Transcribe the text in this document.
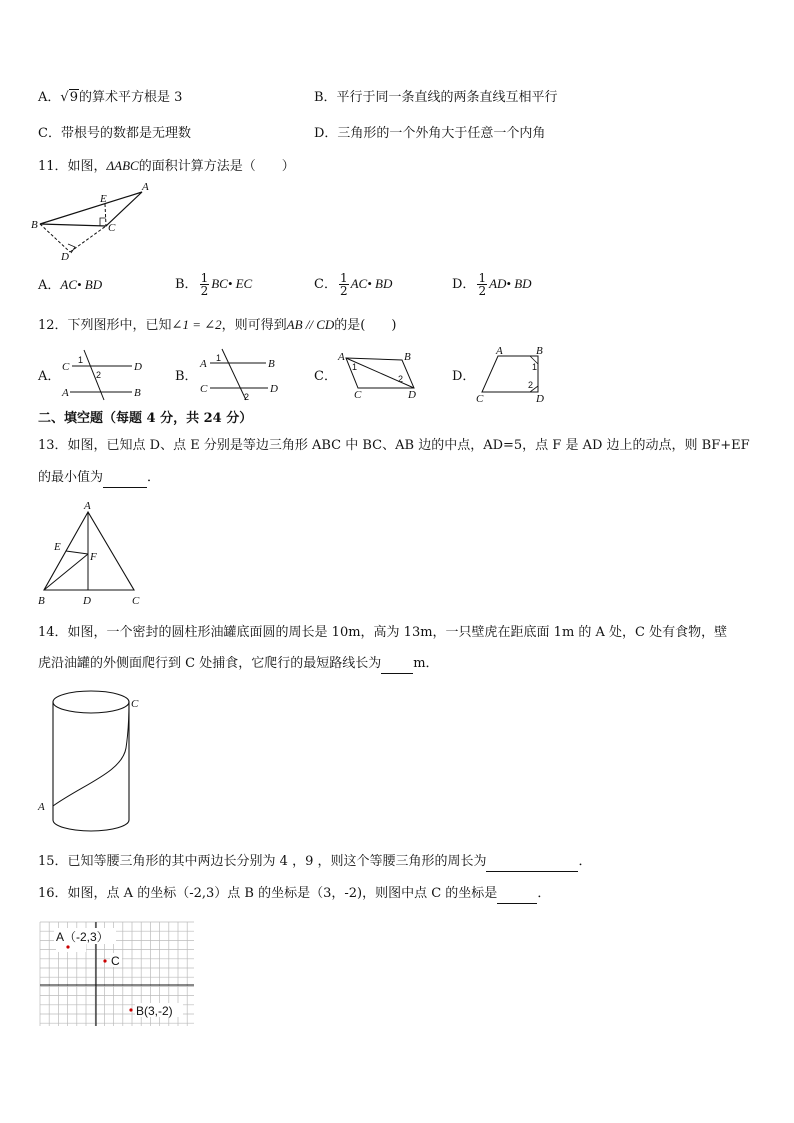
A．√9的算术平方根是 3	B．平行于同一条直线的两条直线互相平行
C．带根号的数都是无理数	D．三角形的一个外角大于任意一个内角
11．如图，ΔABC的面积计算方法是（　　）
A
B	C
D
E
A．AC• BD	B． $\frac{1}{2}$ BC• EC	C． $\frac{1}{2}$ AC• BD	D． $\frac{1}{2}$ AD• BD
12．下列图形中，已知∠1 = ∠2，则可得到AB // CD的是(　　)
A．
C	D
A	B
1
2	B．
A	B
C	D
1
2
C．
A	B
C	D
1
2	D．
A	B
C	D
1
2
二、填空题（每题 4 分，共 24 分）
13．如图，已知点 D、点 E 分别是等边三角形 ABC 中 BC、AB 边的中点，AD=5，点 F 是 AD 边上的动点，则 BF+EF
的最小值为	．
A
E
F
B	D	C
14．如图，一个密封的圆柱形油罐底面圆的周长是 10m，高为 13m，一只壁虎在距底面 1m 的 A 处，C 处有食物，壁
虎沿油罐的外侧面爬行到 C 处捕食，它爬行的最短路线长为 m．
A
C
15．已知等腰三角形的其中两边长分别为 4 ，9 ，则这个等腰三角形的周长为	．
16．如图，点 A 的坐标（-2,3）点 B 的坐标是（3，-2)，则图中点 C 的坐标是	．
A（-2,3）
C
B(3,-2)
